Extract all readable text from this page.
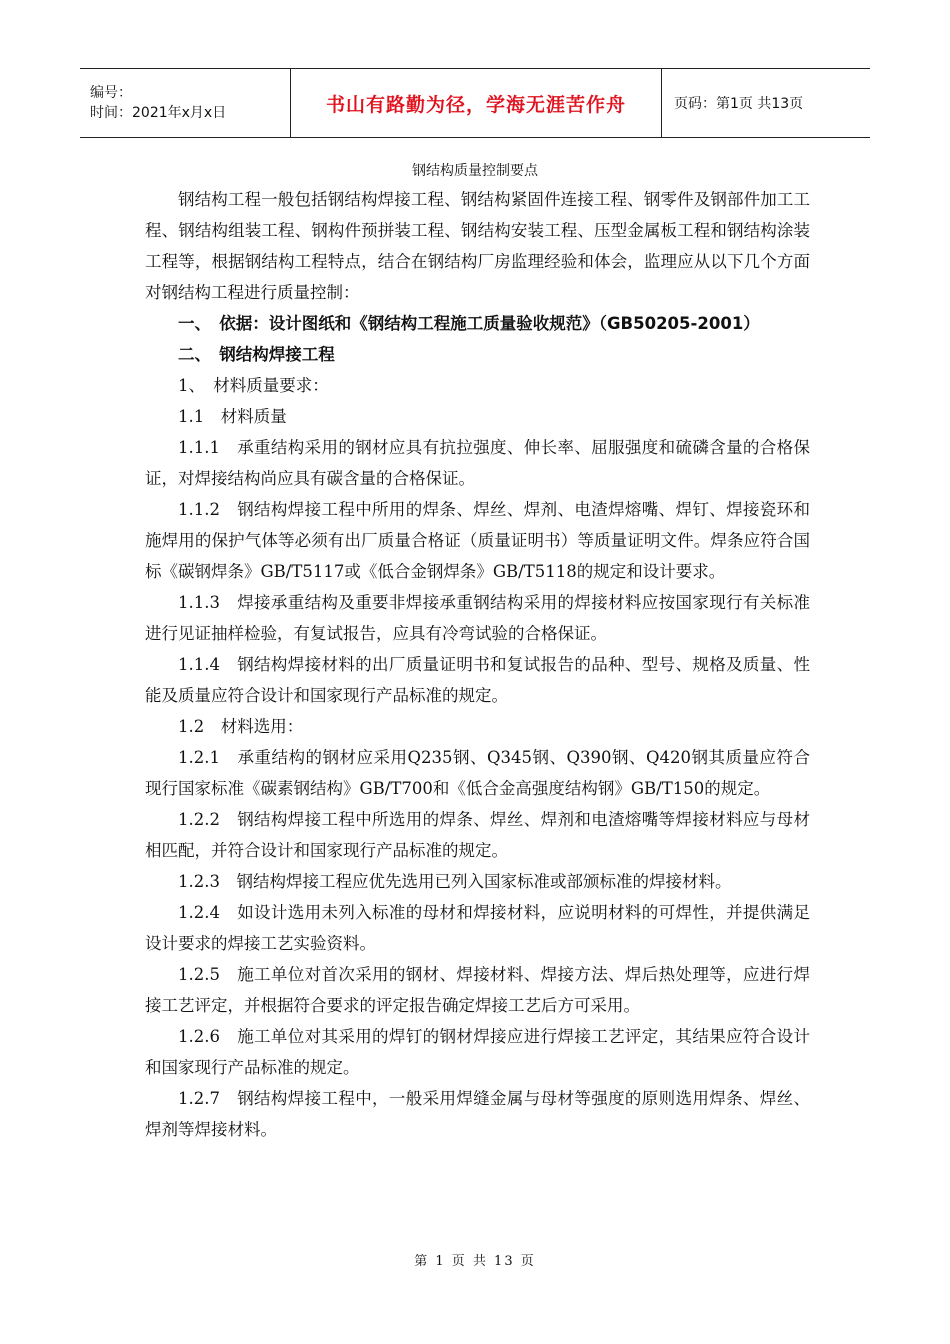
编号：
时间：2021年x月x日	书山有路勤为径，学海无涯苦作舟	页码：第1页 共13页
钢结构质量控制要点

钢结构工程一般包括钢结构焊接工程、钢结构紧固件连接工程、钢零件及钢部件加工工程、钢结构组装工程、钢构件预拼装工程、钢结构安装工程、压型金属板工程和钢结构涂装工程等，根据钢结构工程特点，结合在钢结构厂房监理经验和体会，监理应从以下几个方面对钢结构工程进行质量控制：

一、　依据：设计图纸和《钢结构工程施工质量验收规范》（GB50205-2001）

二、　钢结构焊接工程

1、　材料质量要求：

1.1　材料质量

1.1.1　承重结构采用的钢材应具有抗拉强度、伸长率、屈服强度和硫磷含量的合格保证，对焊接结构尚应具有碳含量的合格保证。

1.1.2　钢结构焊接工程中所用的焊条、焊丝、焊剂、电渣焊熔嘴、焊钉、焊接瓷环和施焊用的保护气体等必须有出厂质量合格证（质量证明书）等质量证明文件。焊条应符合国标《碳钢焊条》GB/T5117或《低合金钢焊条》GB/T5118的规定和设计要求。

1.1.3　焊接承重结构及重要非焊接承重钢结构采用的焊接材料应按国家现行有关标准进行见证抽样检验，有复试报告，应具有冷弯试验的合格保证。

1.1.4　钢结构焊接材料的出厂质量证明书和复试报告的品种、型号、规格及质量、性能及质量应符合设计和国家现行产品标准的规定。

1.2　材料选用：

1.2.1　承重结构的钢材应采用Q235钢、Q345钢、Q390钢、Q420钢其质量应符合现行国家标准《碳素钢结构》GB/T700和《低合金高强度结构钢》GB/T150的规定。

1.2.2　钢结构焊接工程中所选用的焊条、焊丝、焊剂和电渣熔嘴等焊接材料应与母材相匹配，并符合设计和国家现行产品标准的规定。

1.2.3　钢结构焊接工程应优先选用已列入国家标准或部颁标准的焊接材料。

1.2.4　如设计选用未列入标准的母材和焊接材料，应说明材料的可焊性，并提供满足设计要求的焊接工艺实验资料。

1.2.5　施工单位对首次采用的钢材、焊接材料、焊接方法、焊后热处理等，应进行焊接工艺评定，并根据符合要求的评定报告确定焊接工艺后方可采用。

1.2.6　施工单位对其采用的焊钉的钢材焊接应进行焊接工艺评定，其结果应符合设计和国家现行产品标准的规定。

1.2.7　钢结构焊接工程中，一般采用焊缝金属与母材等强度的原则选用焊条、焊丝、焊剂等焊接材料。

第 1 页 共 13 页
